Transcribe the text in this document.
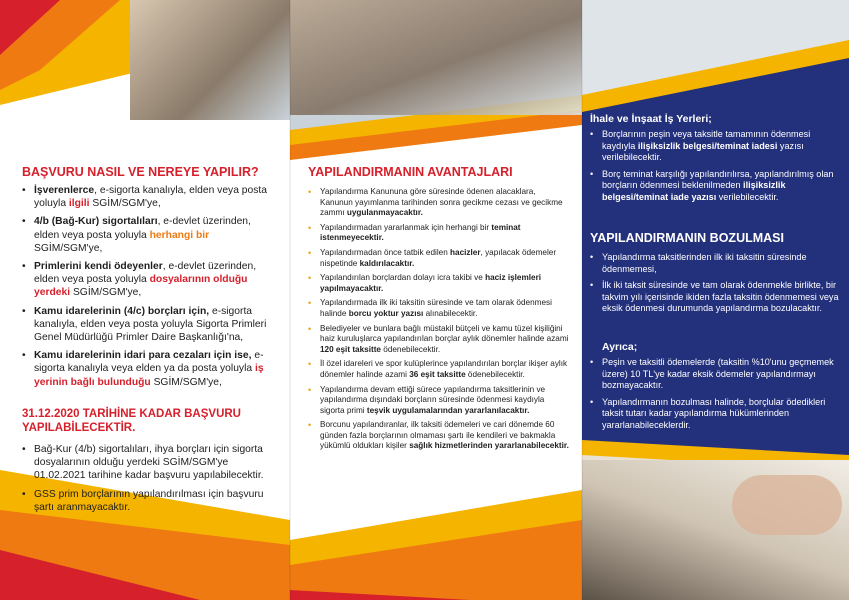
BAŞVURU NASIL VE NEREYE YAPILIR?
• İşverenlerce, e-sigorta kanalıyla, elden veya posta yoluyla ilgili SGİM/SGM'ye,
• 4/b (Bağ-Kur) sigortalıları, e-devlet üzerinden, elden veya posta yoluyla herhangi bir SGİM/SGM'ye,
• Primlerini kendi ödeyenler, e-devlet üzerinden, elden veya posta yoluyla dosyalarının olduğu yerdeki SGİM/SGM'ye,
• Kamu idarelerinin (4/c) borçları için, e-sigorta kanalıyla, elden veya posta yoluyla Sigorta Primleri Genel Müdürlüğü Primler Daire Başkanlığı'na,
• Kamu idarelerinin idari para cezaları için ise, e-sigorta kanalıyla veya elden ya da posta yoluyla iş yerinin bağlı bulunduğu SGİM/SGM'ye,
31.12.2020 TARİHİNE KADAR BAŞVURU YAPILABİLECEKTİR.
• Bağ-Kur (4/b) sigortalıları, ihya borçları için sigorta dosyalarının olduğu yerdeki SGİM/SGM'ye 01.02.2021 tarihine kadar başvuru yapılabilecektir.
• GSS prim borçlarının yapılandırılması için başvuru şartı aranmayacaktır.
YAPILANDIRMANIN AVANTAJLARI
• Yapılandırma Kanununa göre süresinde ödenen alacaklara, Kanunun yayımlanma tarihinden sonra gecikme cezası ve gecikme zammı uygulanmayacaktır.
• Yapılandırmadan yararlanmak için herhangi bir teminat istenmeyecektir.
• Yapılandırmadan önce tatbik edilen hacizler, yapılacak ödemeler nispetinde kaldırılacaktır.
• Yapılandırılan borçlardan dolayı icra takibi ve haciz işlemleri yapılmayacaktır.
• Yapılandırmada ilk iki taksitin süresinde ve tam olarak ödenmesi halinde borcu yoktur yazısı alınabilecektir.
• Belediyeler ve bunlara bağlı müstakil bütçeli ve kamu tüzel kişiliğini haiz kuruluşlarca yapılandırılan borçlar aylık dönemler halinde azami 120 eşit taksitte ödenebilecektir.
• İl özel idareleri ve spor kulüplerince yapılandırılan borçlar ikişer aylık dönemler halinde azami 36 eşit taksitte ödenebilecektir.
• Yapılandırma devam ettiği sürece yapılandırma taksitlerinin ve yapılandırma dışındaki borçların süresinde ödenmesi kaydıyla sigorta primi teşvik uygulamalarından yararlanılacaktır.
• Borcunu yapılandıranlar, ilk taksiti ödemeleri ve cari dönemde 60 günden fazla borçlarının olmaması şartı ile kendileri ve bakmakla yükümlü oldukları kişiler sağlık hizmetlerinden yararlanabilecektir.
İhale ve İnşaat İş Yerleri;
• Borçlarının peşin veya taksitle tamamının ödenmesi kaydıyla ilişiksizlik belgesi/teminat iadesi yazısı verilebilecektir.
• Borç teminat karşılığı yapılandırılırsa, yapılandırılmış olan borçların ödenmesi beklenilmeden ilişiksizlik belgesi/teminat iade yazısı verilebilecektir.
YAPILANDIRMANIN BOZULMASI
• Yapılandırma taksitlerinden ilk iki taksitin süresinde ödenmemesi,
• İlk iki taksit süresinde ve tam olarak ödenmekle birlikte, bir takvim yılı içerisinde ikiden fazla taksitin ödenmemesi veya eksik ödenmesi durumunda yapılandırma bozulacaktır.
Ayrıca;
• Peşin ve taksitli ödemelerde (taksitin %10'unu geçmemek üzere) 10 TL'ye kadar eksik ödemeler yapılandırmayı bozmayacaktır.
• Yapılandırmanın bozulması halinde, borçlular ödedikleri taksit tutarı kadar yapılandırma hükümlerinden yararlanabileceklerdir.
